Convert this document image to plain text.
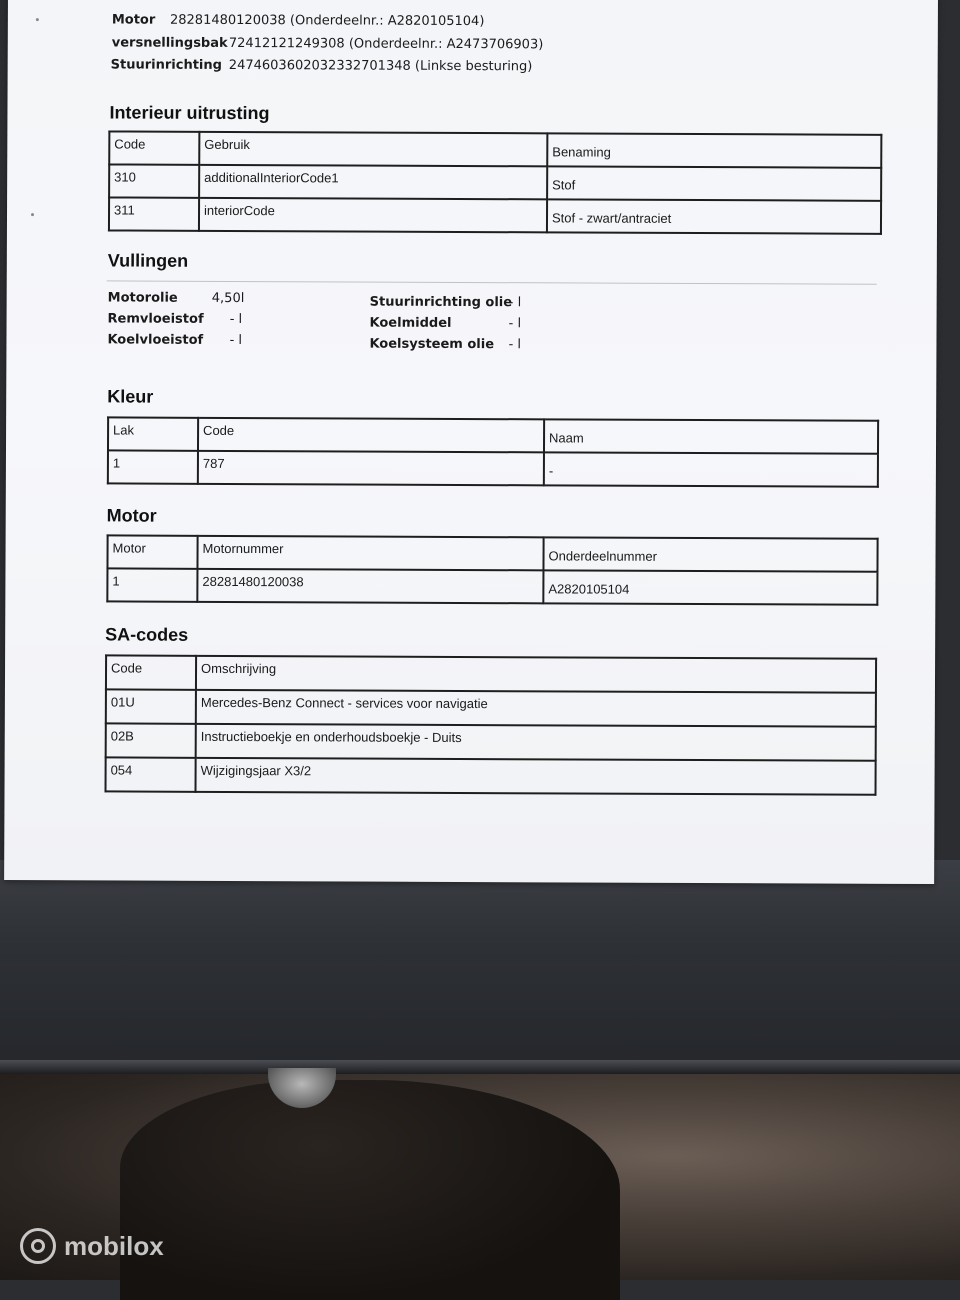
Motor 28281480120038 (Onderdeelnr.: A2820105104)
versnellingsbak 72412121249308 (Onderdeelnr.: A2473706903)
Stuurinrichting 2474603602032332701348 (Linkse besturing)
Interieur uitrusting
Code	Gebruik	Benaming
310	additionalInteriorCode1	Stof
311	interiorCode	Stof - zwart/antraciet
Vullingen
Motorolie	4,50l
Remvloeistof - l
Koelvloeistof - l
Stuurinrichting olie - l
Koelmiddel	- l
Koelsysteem olie - l
Kleur
Lak	Code	Naam
1	787	-
Motor
Motor	Motornummer	Onderdeelnummer
1	28281480120038	A2820105104
SA-codes
Code	Omschrijving
01U	Mercedes-Benz Connect - services voor navigatie
02B	Instructieboekje en onderhoudsboekje - Duits
054	Wijzigingsjaar X3/2
mobilox
